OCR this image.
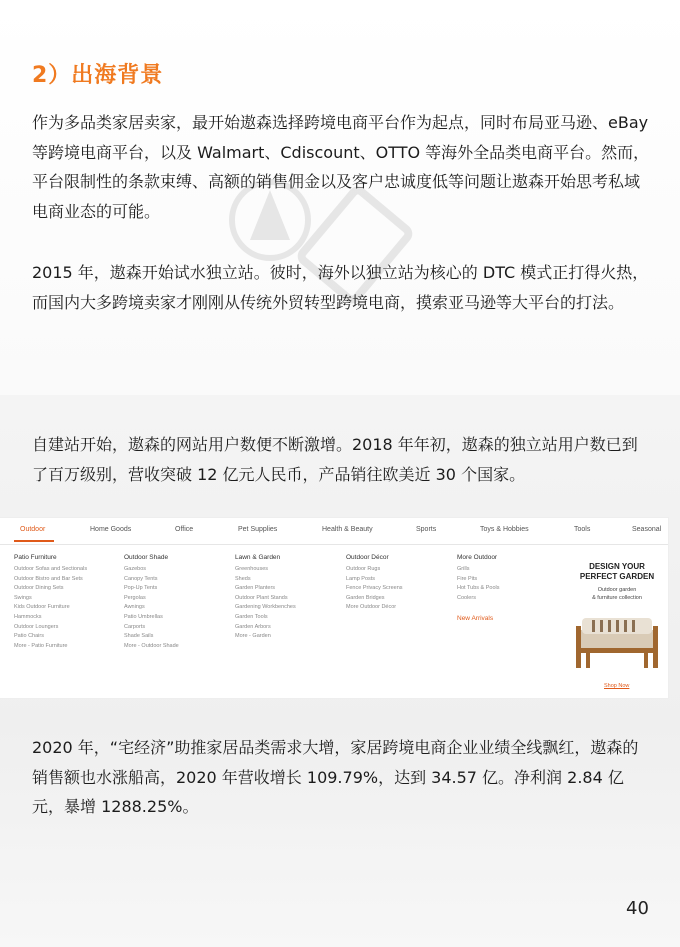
2）出海背景

作为多品类家居卖家，最开始遨森选择跨境电商平台作为起点，同时布局亚马逊、eBay 等跨境电商平台，以及 Walmart、Cdiscount、OTTO 等海外全品类电商平台。然而，平台限制性的条款束缚、高额的销售佣金以及客户忠诚度低等问题让遨森开始思考私域电商业态的可能。

2015 年，遨森开始试水独立站。彼时，海外以独立站为核心的 DTC 模式正打得火热，而国内大多跨境卖家才刚刚从传统外贸转型跨境电商，摸索亚马逊等大平台的打法。

自建站开始，遨森的网站用户数便不断激增。2018 年年初，遨森的独立站用户数已到了百万级别，营收突破 12 亿元人民币，产品销往欧美近 30 个国家。

Outdoor	Home Goods	Office	Pet Supplies	Health & Beauty	Sports	Toys & Hobbies	Tools	Seasonal
Patio Furniture
Outdoor Sofas and Sectionals
Outdoor Bistro and Bar Sets
Outdoor Dining Sets
Swings
Kids Outdoor Furniture
Hammocks
Outdoor Loungers
Patio Chairs
More - Patio Furniture
Outdoor Shade
Gazebos
Canopy Tents
Pop-Up Tents
Pergolas
Awnings
Patio Umbrellas
Carports
Shade Sails
More - Outdoor Shade
Lawn & Garden
Greenhouses
Sheds
Garden Planters
Outdoor Plant Stands
Gardening Workbenches
Garden Tools
Garden Arbors
More - Garden
Outdoor Décor
Outdoor Rugs
Lamp Posts
Fence Privacy Screens
Garden Bridges
More Outdoor Décor
More Outdoor
Grills
Fire Pits
Hot Tubs & Pools
Coolers
New Arrivals
DESIGN YOUR
PERFECT GARDEN
Outdoor garden
& furniture collection
Shop Now

2020 年，“宅经济”助推家居品类需求大增，家居跨境电商企业业绩全线飘红，遨森的销售额也水涨船高，2020 年营收增长 109.79%，达到 34.57 亿。净利润 2.84 亿元，暴增 1288.25%。

40
